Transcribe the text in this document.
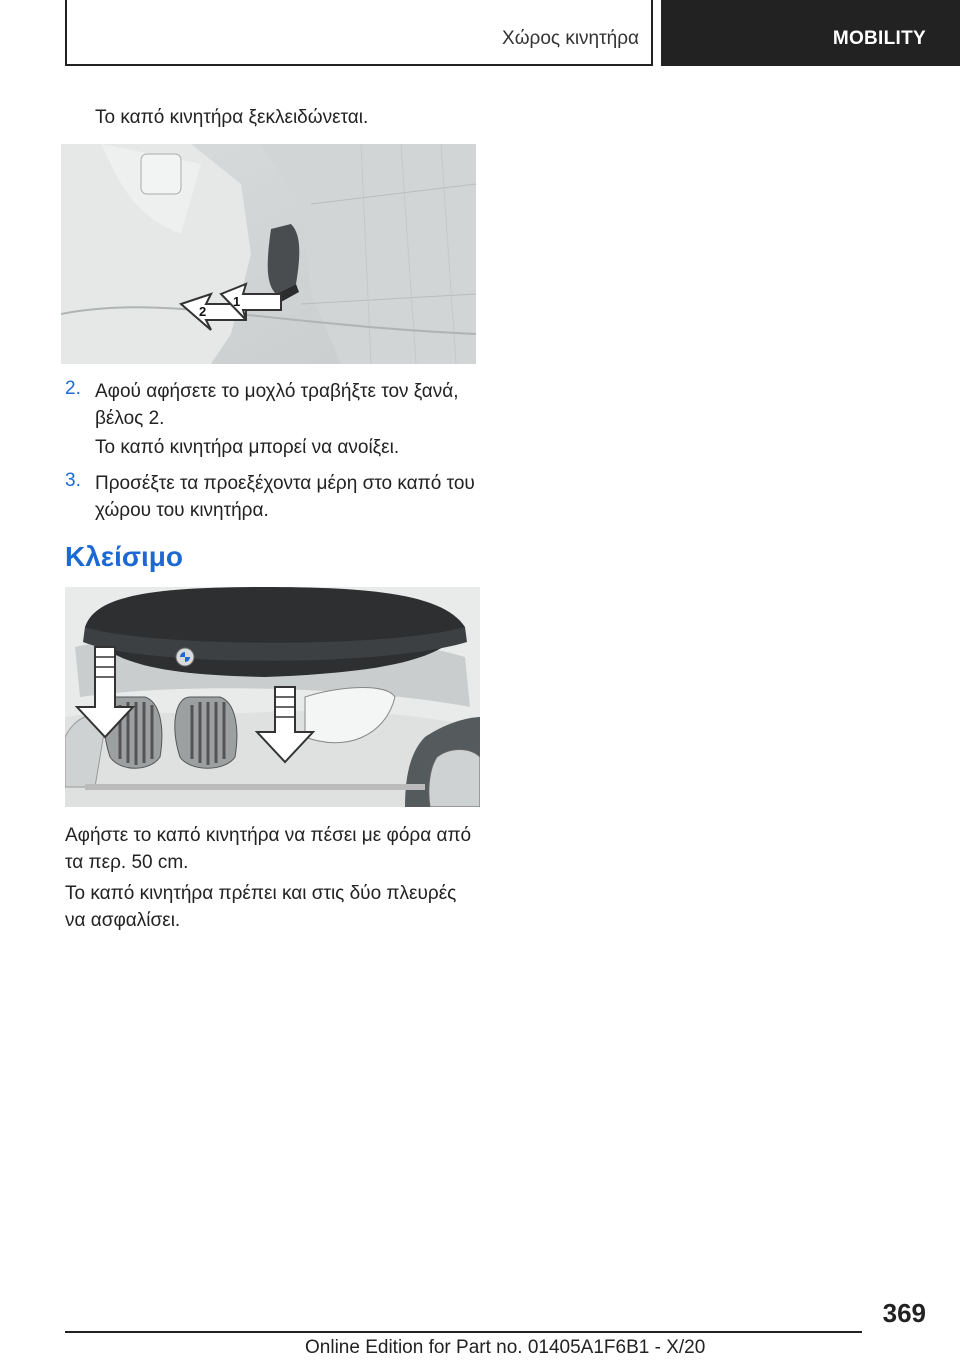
Χώρος κινητήρα	MOBILITY

Το καπό κινητήρα ξεκλειδώνεται.

2
1
2. Αφού αφήσετε το μοχλό τραβήξτε τον ξανά,

βέλος 2.

Το καπό κινητήρα μπορεί να ανοίξει.

3. Προσέξτε τα προεξέχοντα μέρη στο καπό του

χώρου του κινητήρα.

Κλείσιμο

Αφήστε το καπό κινητήρα να πέσει με φόρα από

τα περ. 50 cm.

Το καπό κινητήρα πρέπει και στις δύο πλευρές

να ασφαλίσει.

369
Online Edition for Part no. 01405A1F6B1 - X/20
